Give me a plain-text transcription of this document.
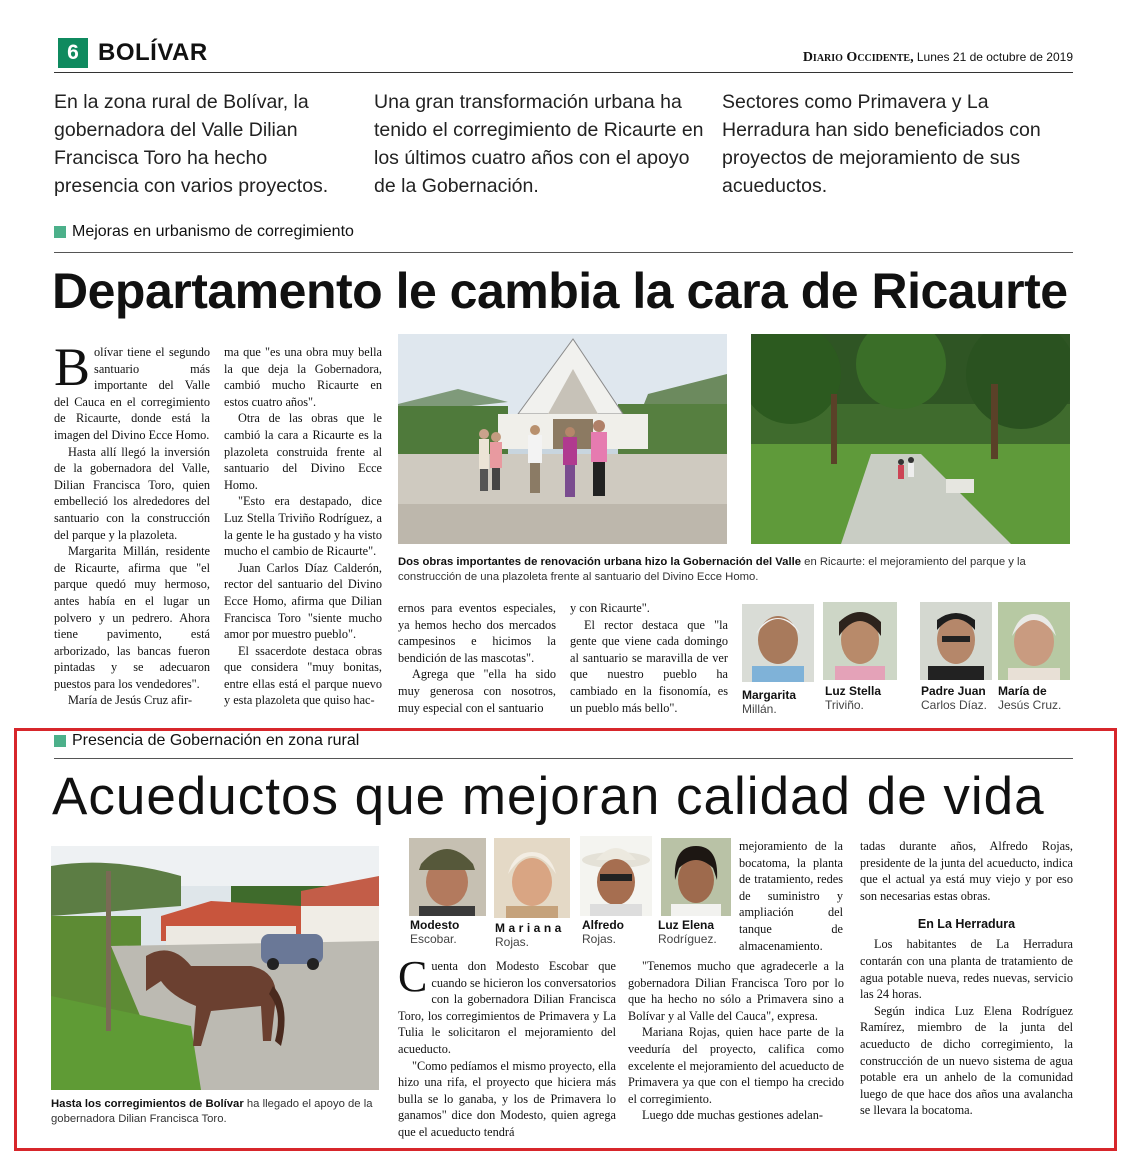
6 BOLÍVAR	Diario Occidente, Lunes 21 de octubre de 2019
En la zona rural de Bolívar, la gobernadora del Valle Dilian Francisca Toro ha hecho presencia con varios proyectos.
Una gran transformación urbana ha tenido el corregimiento de Ricaurte en los últimos cuatro años con el apoyo de la Gobernación.
Sectores como Primavera y La Herradura han sido beneficiados con proyectos de mejoramiento de sus acueductos.
Mejoras en urbanismo de corregimiento
Departamento le cambia la cara de Ricaurte
B olívar tiene el segundo santuario más importante del Valle del Cauca en el corregimiento de Ricaurte, donde está la imagen del Divino Ecce Homo.

Hasta allí llegó la inversión de la gobernadora del Valle, Dilian Francisca Toro, quien embelleció los alrededores del santuario con la construcción del parque y la plazoleta.

Margarita Millán, residente de Ricaurte, afirma que "el parque quedó muy hermoso, antes había en el lugar un polvero y un pedrero. Ahora tiene pavimento, está arborizado, las bancas fueron pintadas y se adecuaron puestos para los vendedores".

María de Jesús Cruz afir-

ma que "es una obra muy bella la que deja la Gobernadora, cambió mucho Ricaurte en estos cuatro años".

Otra de las obras que le cambió la cara a Ricaurte es la plazoleta construida frente al santuario del Divino Ecce Homo.

"Esto era destapado, dice Luz Stella Triviño Rodríguez, a la gente le ha gustado y ha visto mucho el cambio de Ricaurte".

Juan Carlos Díaz Calderón, rector del santuario del Divino Ecce Homo, afirma que Dilian Francisca Toro "siente mucho amor por muestro pueblo".

El ssacerdote destaca obras que considera "muy bonitas, entre ellas está el parque nuevo y esta plazoleta que quiso hac-

Dos obras importantes de renovación urbana hizo la Gobernación del Valle en Ricaurte: el mejoramiento del parque y la construcción de una plazoleta frente al santuario del Divino Ecce Homo.

ernos para eventos especiales, ya hemos hecho dos mercados campesinos e hicimos la bendición de las mascotas".

Agrega que "ella ha sido muy generosa con nosotros, muy especial con el santuario

y con Ricaurte".

El rector destaca que "la gente que viene cada domingo al santuario se maravilla de ver que nuestro pueblo ha cambiado en la fisonomía, es un pueblo más bello".

Margarita
Millán.
Luz Stella
Triviño.
Padre Juan
Carlos Díaz.
María de
Jesús Cruz.
Presencia de Gobernación en zona rural
Acueductos que mejoran calidad de vida
Hasta los corregimientos de Bolívar ha llegado el apoyo de la gobernadora Dilian Francisca Toro.
Modesto
Escobar.
Mariana
Rojas.
Alfredo
Rojas.
Luz Elena
Rodríguez.
C uenta don Modesto Escobar que cuando se hicieron los conversatorios con la gobernadora Dilian Francisca Toro, los corregimientos de Primavera y La Tulia le solicitaron el mejoramiento del acueducto.

"Como pedíamos el mismo proyecto, ella hizo una rifa, el proyecto que hiciera más bulla se lo ganaba, y los de Primavera lo ganamos" dice don Modesto, quien agrega que el acueducto tendrá

mejoramiento de la bocatoma, la planta de tratamiento, redes de suministro y ampliación del tanque de almacenamiento.

"Tenemos mucho que agradecerle a la gobernadora Dilian Francisca Toro por lo que ha hecho no sólo a Primavera sino a Bolívar y al Valle del Cauca", expresa.

Mariana Rojas, quien hace parte de la veeduría del proyecto, califica como excelente el mejoramiento del acueducto de Primavera ya que con el tiempo ha crecido el corregimiento.

Luego dde muchas gestiones adelan-

tadas durante años, Alfredo Rojas, presidente de la junta del acueducto, indica que el actual ya está muy viejo y por eso son necesarias estas obras.

En La Herradura

Los habitantes de La Herradura contarán con una planta de tratamiento de agua potable nueva, redes nuevas, servicio las 24 horas.

Según indica Luz Elena Rodríguez Ramírez, miembro de la junta del acueducto de dicho corregimiento, la construcción de un nuevo sistema de agua potable era un anhelo de la comunidad luego de que hace dos años una avalancha se llevara la bocatoma.
